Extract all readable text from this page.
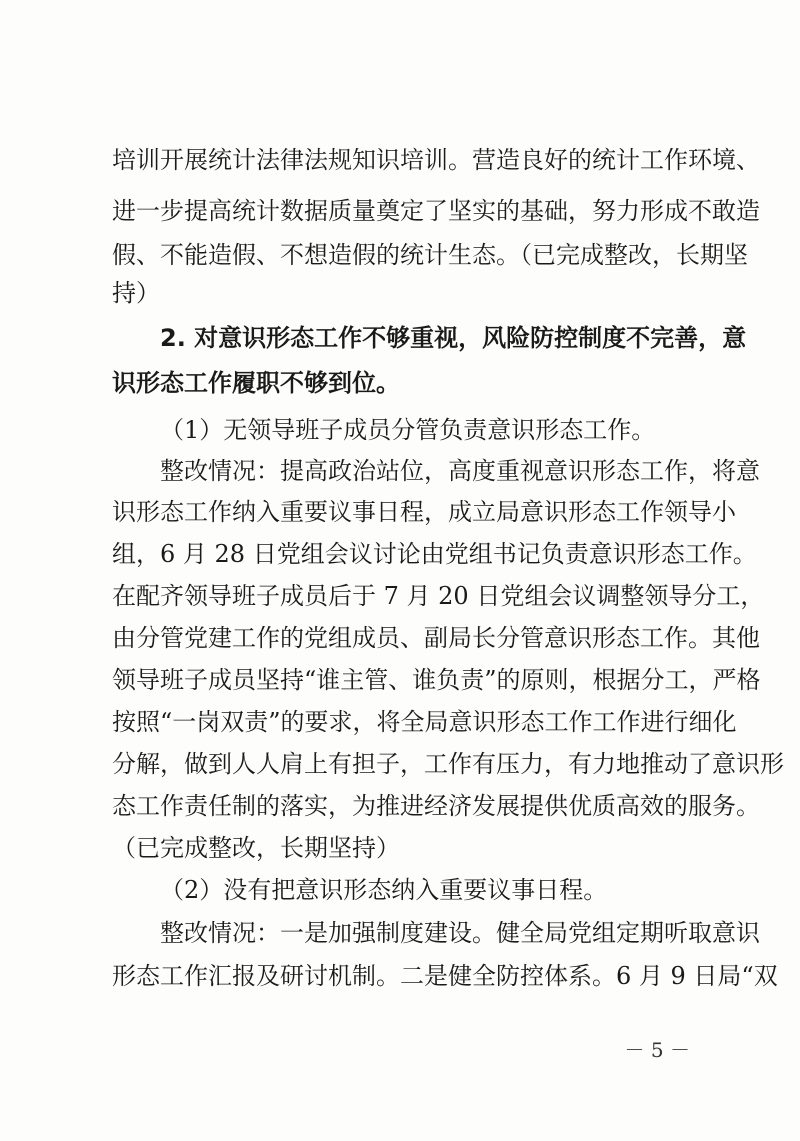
培训开展统计法律法规知识培训。营造良好的统计工作环境、
进一步提高统计数据质量奠定了坚实的基础，努力形成不敢造
假、不能造假、不想造假的统计生态。（已完成整改，长期坚
持）
2. 对意识形态工作不够重视，风险防控制度不完善，意
识形态工作履职不够到位。
（1）无领导班子成员分管负责意识形态工作。
整改情况：提高政治站位，高度重视意识形态工作，将意
识形态工作纳入重要议事日程，成立局意识形态工作领导小
组，6 月 28 日党组会议讨论由党组书记负责意识形态工作。
在配齐领导班子成员后于 7 月 20 日党组会议调整领导分工，
由分管党建工作的党组成员、副局长分管意识形态工作。其他
领导班子成员坚持“谁主管、谁负责”的原则，根据分工，严格
按照“一岗双责”的要求，将全局意识形态工作工作进行细化
分解，做到人人肩上有担子，工作有压力，有力地推动了意识形
态工作责任制的落实，为推进经济发展提供优质高效的服务。
（已完成整改，长期坚持）
（2）没有把意识形态纳入重要议事日程。
整改情况：一是加强制度建设。健全局党组定期听取意识
形态工作汇报及研讨机制。二是健全防控体系。6 月 9 日局“双
－ 5 －
